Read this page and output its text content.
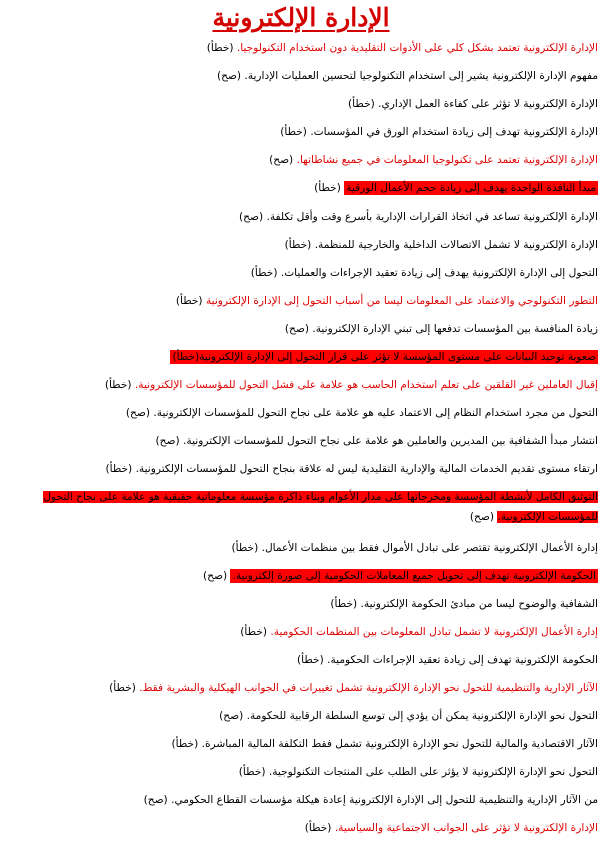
الإدارة الإلكترونية
الإدارة الإلكترونية تعتمد بشكل كلي على الأدوات التقليدية دون استخدام التكنولوجيا. (خطأ)
مفهوم الإدارة الإلكترونية يشير إلى استخدام التكنولوجيا لتحسين العمليات الإدارية. (صح)
الإدارة الإلكترونية لا تؤثر على كفاءة العمل الإداري. (خطأ)
الإدارة الإلكترونية تهدف إلى زيادة استخدام الورق في المؤسسات. (خطأ)
الإدارة الإلكترونية تعتمد على تكنولوجيا المعلومات في جميع نشاطاتها. (صح)
مبدأ النافذة الواحدة يهدف إلى زيادة حجم الأعمال الورقية (خطأ)
الإدارة الإلكترونية تساعد في اتخاذ القرارات الإدارية بأسرع وقت وأقل تكلفة. (صح)
الإدارة الإلكترونية لا تشمل الاتصالات الداخلية والخارجية للمنظمة. (خطأ)
التحول إلى الإدارة الإلكترونية يهدف إلى زيادة تعقيد الإجراءات والعمليات. (خطأ)
التطور التكنولوجي والاعتماد على المعلومات ليسا من أسباب التحول إلى الإدارة الإلكترونية (خطأ)
زيادة المنافسة بين المؤسسات تدفعها إلى تبني الإدارة الإلكترونية. (صح)
صعوبة توحيد البيانات على مستوى المؤسسة لا تؤثر على قرار التحول إلى الإدارة الإلكترونية(خطأ)
إقبال العاملين غير القلقين على تعلم استخدام الحاسب هو علامة على فشل التحول للمؤسسات الإلكترونية. (خطأ)
التحول من مجرد استخدام النظام إلى الاعتماد عليه هو علامة على نجاح التحول للمؤسسات الإلكترونية. (صح)
انتشار مبدأ الشفافية بين المديرين والعاملين هو علامة على نجاح التحول للمؤسسات الإلكترونية. (صح)
ارتقاء مستوى تقديم الخدمات المالية والإدارية التقليدية ليس له علاقة بنجاح التحول للمؤسسات الإلكترونية. (خطأ)
التوثيق الكامل لأنشطة المؤسسة ومخرجاتها على مدار الأعوام وبناء ذاكرة مؤسسة معلوماتية حقيقية هو علامة على نجاح التحول للمؤسسات الإلكترونية. (صح)
إدارة الأعمال الإلكترونية تقتصر على تبادل الأموال فقط بين منظمات الأعمال. (خطأ)
الحكومة الإلكترونية تهدف إلى تحويل جميع المعاملات الحكومية إلى صورة إلكترونية. (صح)
الشفافية والوضوح ليسا من مبادئ الحكومة الإلكترونية. (خطأ)
إدارة الأعمال الإلكترونية لا تشمل تبادل المعلومات بين المنظمات الحكومية. (خطأ)
الحكومة الإلكترونية تهدف إلى زيادة تعقيد الإجراءات الحكومية. (خطأ)
الآثار الإدارية والتنظيمية للتحول نحو الإدارة الإلكترونية تشمل تغييرات في الجوانب الهيكلية والبشرية فقط. (خطأ)
التحول نحو الإدارة الإلكترونية يمكن أن يؤدي إلى توسع السلطة الرقابية للحكومة. (صح)
الآثار الاقتصادية والمالية للتحول نحو الإدارة الإلكترونية تشمل فقط التكلفة المالية المباشرة. (خطأ)
التحول نحو الإدارة الإلكترونية لا يؤثر على الطلب على المنتجات التكنولوجية. (خطأ)
من الآثار الإدارية والتنظيمية للتحول إلى الإدارة الإلكترونية إعادة هيكلة مؤسسات القطاع الحكومي. (صح)
الإدارة الإلكترونية لا تؤثر على الجوانب الاجتماعية والسياسية. (خطأ)
